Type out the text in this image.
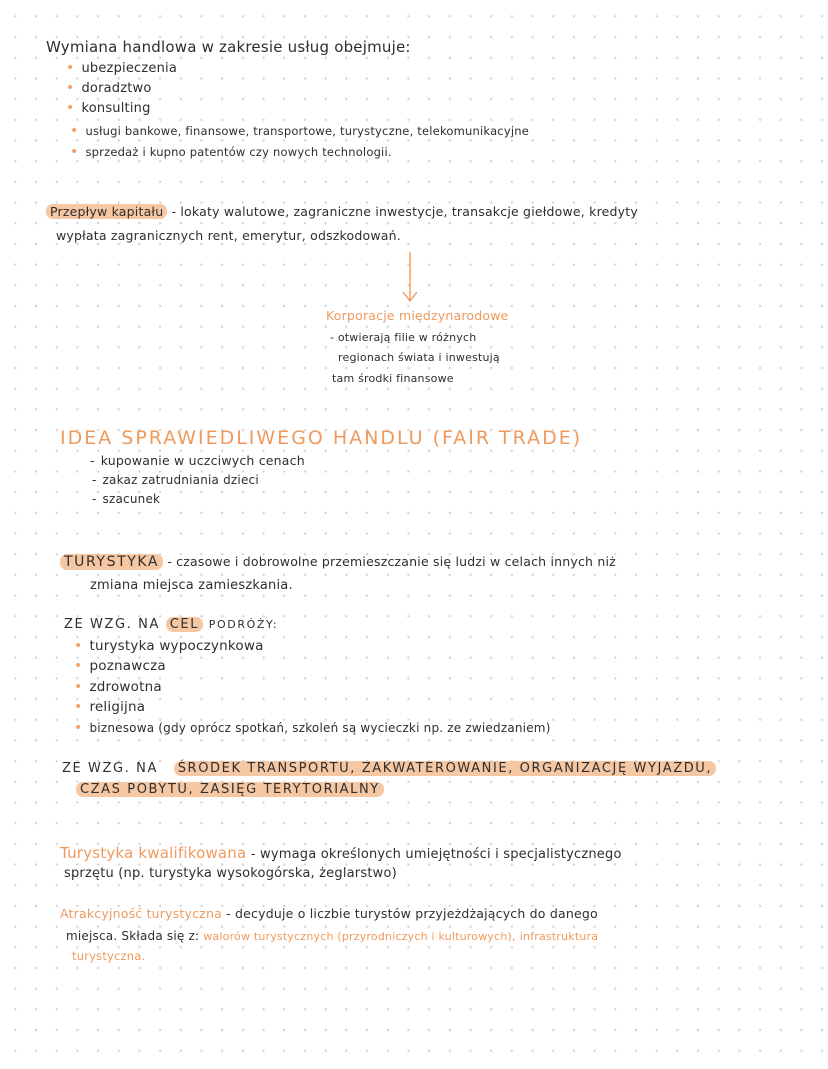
Wymiana handlowa w zakresie usług obejmuje:
• ubezpieczenia
• doradztwo
• konsulting
• usługi bankowe, finansowe, transportowe, turystyczne, telekomunikacyjne
• sprzedaż i kupno patentów czy nowych technologii.
Przepływ kapitału - lokaty walutowe, zagraniczne inwestycje, transakcje giełdowe, kredyty
wypłata zagranicznych rent, emerytur, odszkodowań.
Korporacje międzynarodowe
- otwierają filie w różnych
regionach świata i inwestują
tam środki finansowe
IDEA SPRAWIEDLIWEGO HANDLU (FAIR TRADE)
- kupowanie w uczciwych cenach
- zakaz zatrudniania dzieci
- szacunek
TURYSTYKA - czasowe i dobrowolne przemieszczanie się ludzi w celach innych niż
zmiana miejsca zamieszkania.
ZE WZG. NA CEL PODRÓŻY:
• turystyka wypoczynkowa
• poznawcza
• zdrowotna
• religijna
• biznesowa (gdy oprócz spotkań, szkoleń są wycieczki np. ze zwiedzaniem)
ZE WZG. NA ŚRODEK TRANSPORTU, ZAKWATEROWANIE, ORGANIZACJĘ WYJAZDU,
CZAS POBYTU, ZASIĘG TERYTORIALNY
Turystyka kwalifikowana - wymaga określonych umiejętności i specjalistycznego
sprzętu (np. turystyka wysokogórska, żeglarstwo)
Atrakcyjność turystyczna - decyduje o liczbie turystów przyjeżdżających do danego
miejsca. Składa się z: walorów turystycznych (przyrodniczych i kulturowych), infrastruktura
turystyczna.
